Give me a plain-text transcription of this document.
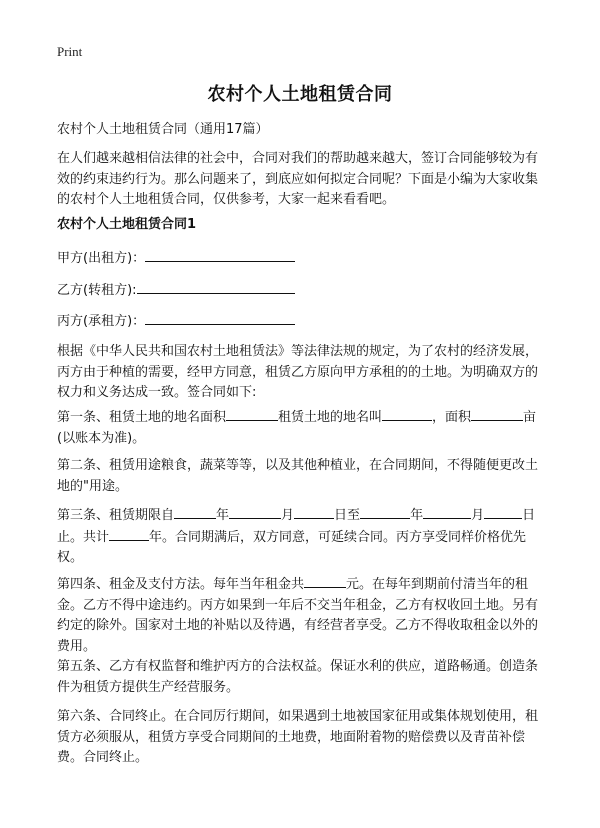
Print
农村个人土地租赁合同
农村个人土地租赁合同（通用17篇）
在人们越来越相信法律的社会中，合同对我们的帮助越来越大，签订合同能够较为有效的约束违约行为。那么问题来了，到底应如何拟定合同呢？下面是小编为大家收集的农村个人土地租赁合同，仅供参考，大家一起来看看吧。
农村个人土地租赁合同1
甲方(出租方)：
乙方(转租方):
丙方(承租方)：
根据《中华人民共和国农村土地租赁法》等法律法规的规定，为了农村的经济发展，丙方由于种植的需要，经甲方同意，租赁乙方原向甲方承租的的土地。为明确双方的权力和义务达成一致。签合同如下:
第一条、租赁土地的地名面积	租赁土地的地名叫	，面积	亩(以账本为准)。
第二条、租赁用途粮食，蔬菜等等，以及其他种植业，在合同期间，不得随便更改土地的"用途。
第三条、租赁期限自	年	月	日至	年	月	日止。共计	年。合同期满后，双方同意，可延续合同。丙方享受同样价格优先权。
第四条、租金及支付方法。每年当年租金共	元。在每年到期前付清当年的租金。乙方不得中途违约。丙方如果到一年后不交当年租金，乙方有权收回土地。另有约定的除外。国家对土地的补贴以及待遇，有经营者享受。乙方不得收取租金以外的费用。
第五条、乙方有权监督和维护丙方的合法权益。保证水利的供应，道路畅通。创造条件为租赁方提供生产经营服务。
第六条、合同终止。在合同厉行期间，如果遇到土地被国家征用或集体规划使用，租赁方必须服从，租赁方享受合同期间的土地费，地面附着物的赔偿费以及青苗补偿费。合同终止。
